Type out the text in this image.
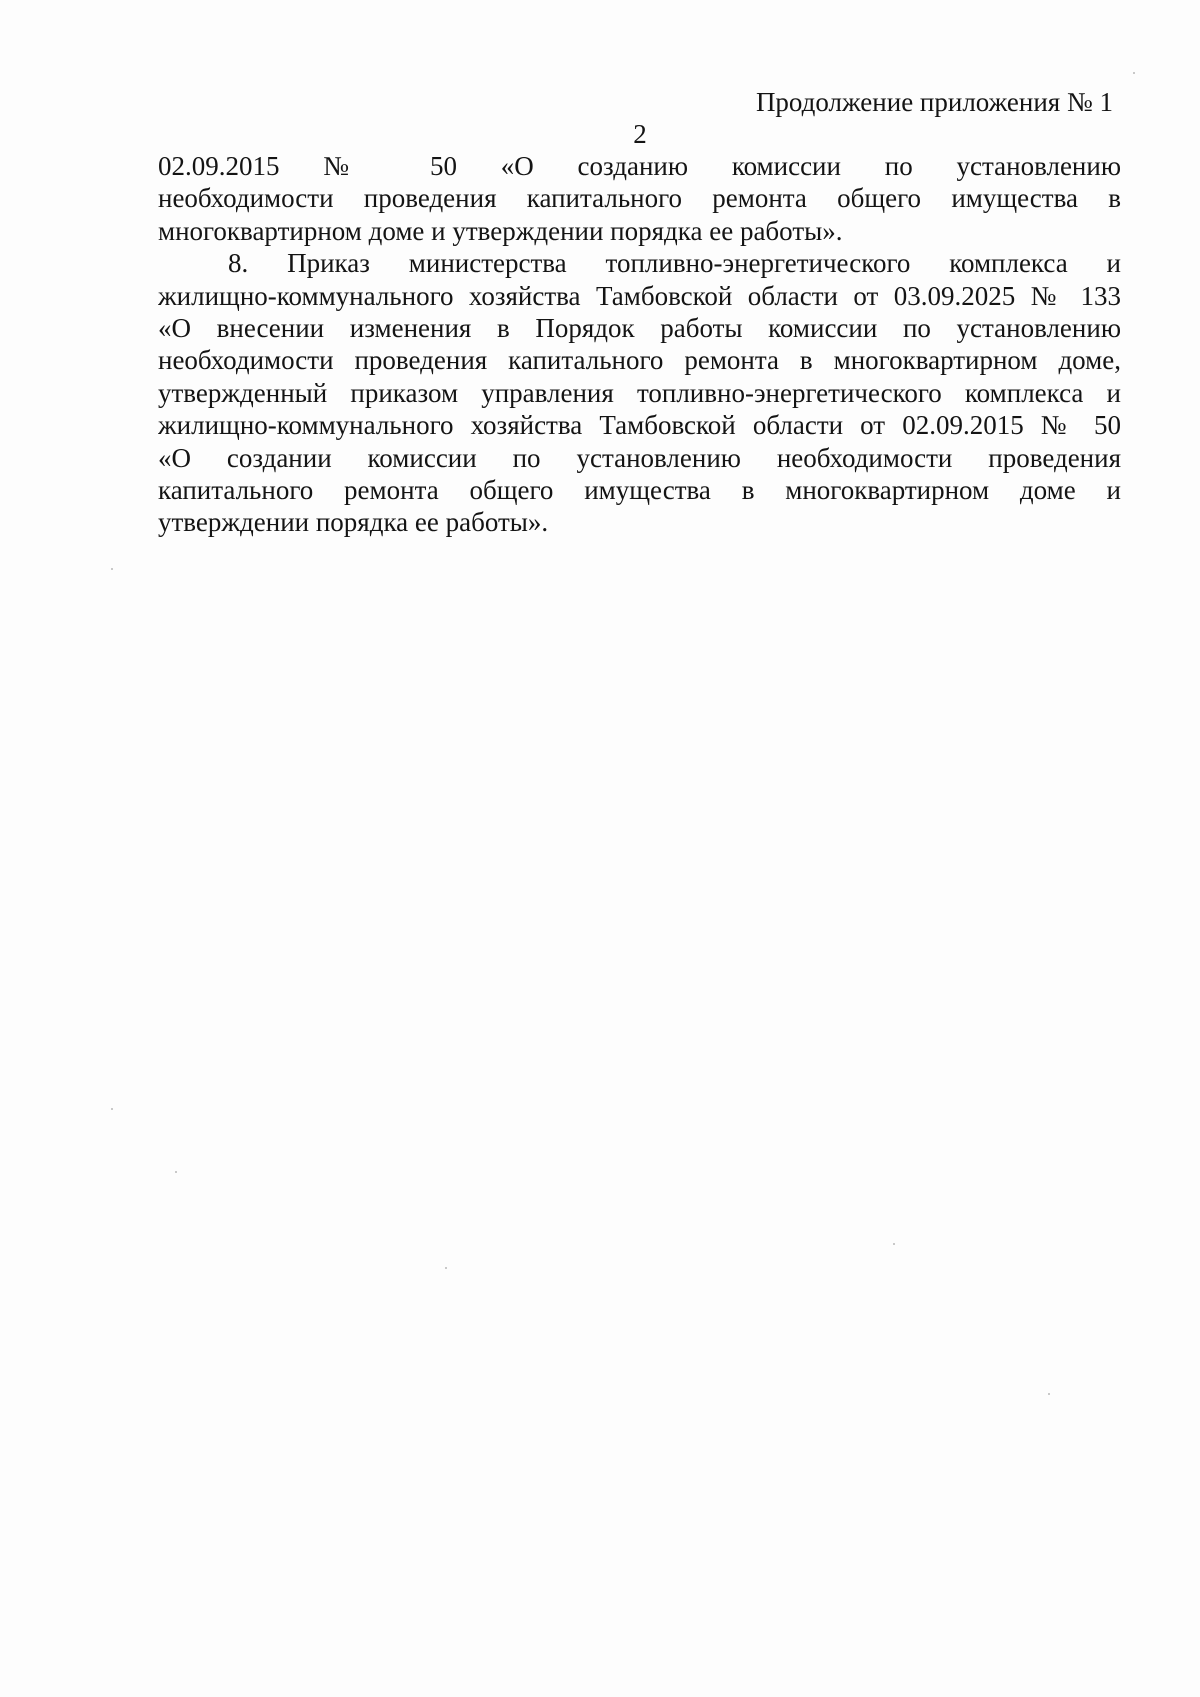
Продолжение приложения № 1
2
02.09.2015 № 50 «О созданию комиссии по установлению
необходимости проведения капитального ремонта общего имущества в
многоквартирном доме и утверждении порядка ее работы».
8. Приказ министерства топливно-энергетического комплекса и
жилищно-коммунального хозяйства Тамбовской области от 03.09.2025 № 133
«О внесении изменения в Порядок работы комиссии по установлению
необходимости проведения капитального ремонта в многоквартирном доме,
утвержденный приказом управления топливно-энергетического комплекса и
жилищно-коммунального хозяйства Тамбовской области от 02.09.2015 № 50
«О создании комиссии по установлению необходимости проведения
капитального ремонта общего имущества в многоквартирном доме и
утверждении порядка ее работы».
